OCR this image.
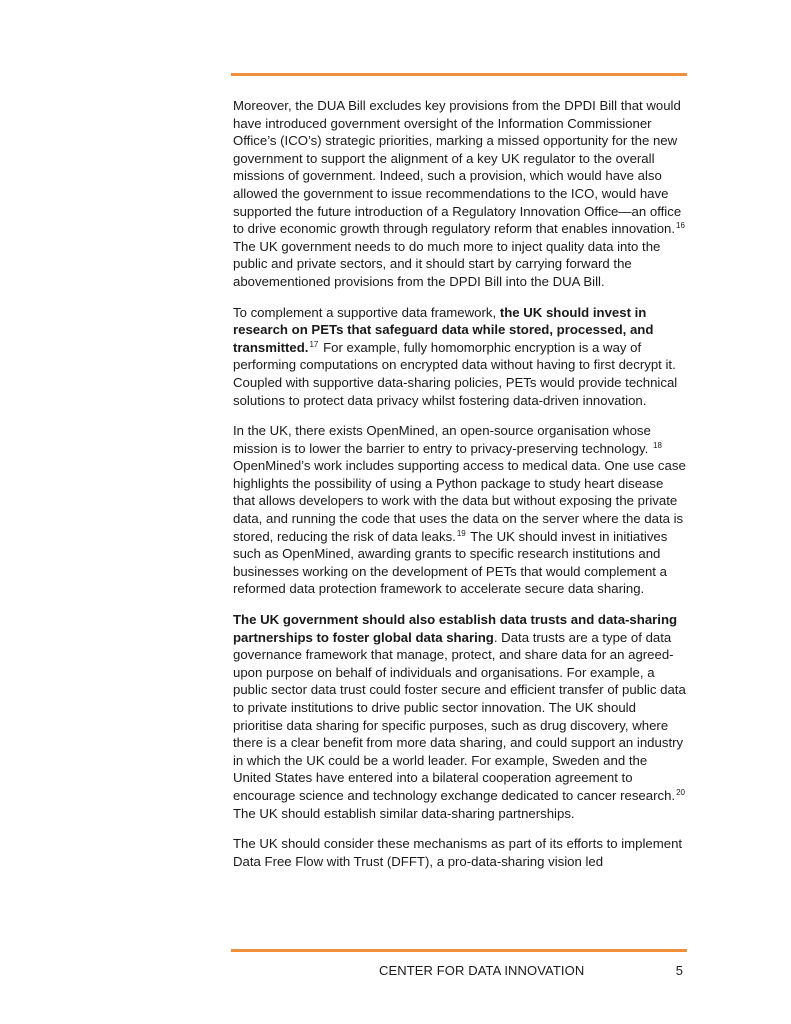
Moreover, the DUA Bill excludes key provisions from the DPDI Bill that would have introduced government oversight of the Information Commissioner Office’s (ICO’s) strategic priorities, marking a missed opportunity for the new government to support the alignment of a key UK regulator to the overall missions of government. Indeed, such a provision, which would have also allowed the government to issue recommendations to the ICO, would have supported the future introduction of a Regulatory Innovation Office—an office to drive economic growth through regulatory reform that enables innovation.$^{16}$ The UK government needs to do much more to inject quality data into the public and private sectors, and it should start by carrying forward the abovementioned provisions from the DPDI Bill into the DUA Bill.

To complement a supportive data framework, the UK should invest in research on PETs that safeguard data while stored, processed, and transmitted.$^{17}$ For example, fully homomorphic encryption is a way of performing computations on encrypted data without having to first decrypt it. Coupled with supportive data-sharing policies, PETs would provide technical solutions to protect data privacy whilst fostering data-driven innovation.

In the UK, there exists OpenMined, an open-source organisation whose mission is to lower the barrier to entry to privacy-preserving technology. $^{18}$ OpenMined’s work includes supporting access to medical data. One use case highlights the possibility of using a Python package to study heart disease that allows developers to work with the data but without exposing the private data, and running the code that uses the data on the server where the data is stored, reducing the risk of data leaks.$^{19}$ The UK should invest in initiatives such as OpenMined, awarding grants to specific research institutions and businesses working on the development of PETs that would complement a reformed data protection framework to accelerate secure data sharing.

The UK government should also establish data trusts and data-sharing partnerships to foster global data sharing. Data trusts are a type of data governance framework that manage, protect, and share data for an agreed-upon purpose on behalf of individuals and organisations. For example, a public sector data trust could foster secure and efficient transfer of public data to private institutions to drive public sector innovation. The UK should prioritise data sharing for specific purposes, such as drug discovery, where there is a clear benefit from more data sharing, and could support an industry in which the UK could be a world leader. For example, Sweden and the United States have entered into a bilateral cooperation agreement to encourage science and technology exchange dedicated to cancer research.$^{20}$ The UK should establish similar data-sharing partnerships.

The UK should consider these mechanisms as part of its efforts to implement Data Free Flow with Trust (DFFT), a pro-data-sharing vision led

CENTER FOR DATA INNOVATION	5
